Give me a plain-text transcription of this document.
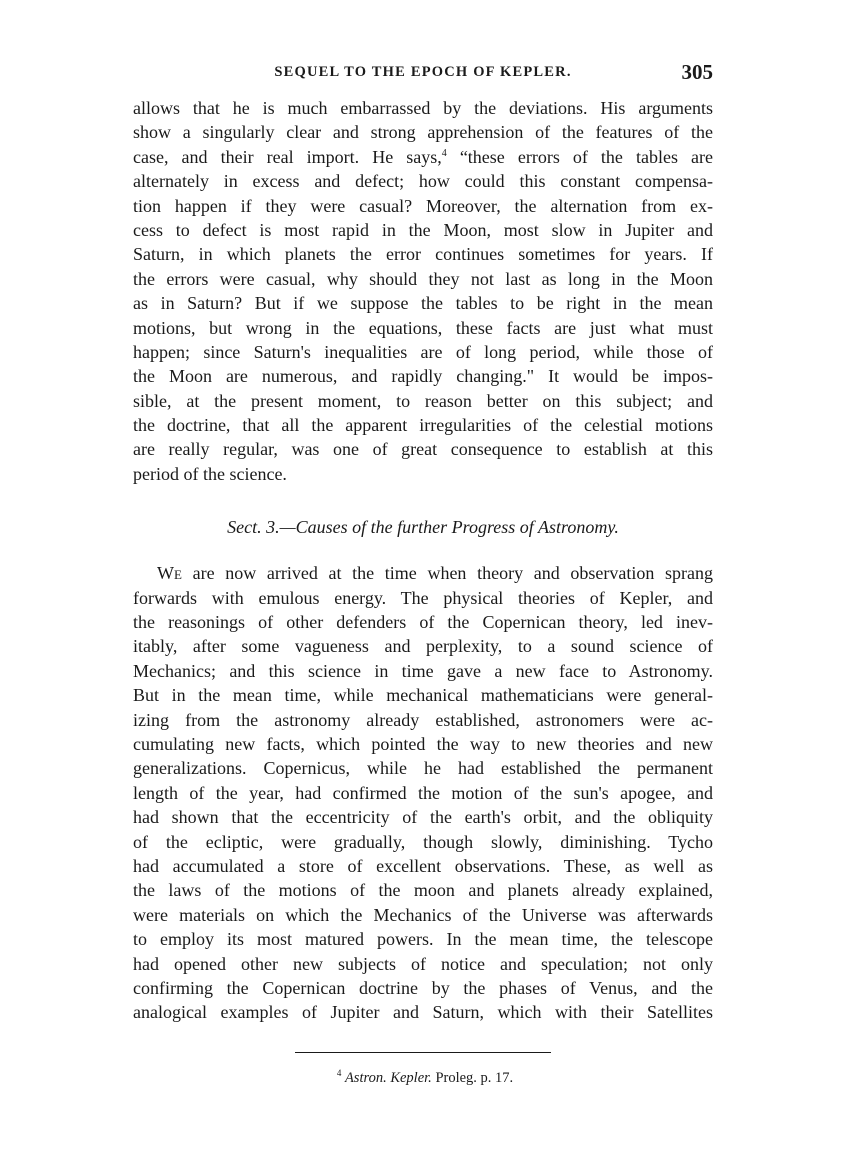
SEQUEL TO THE EPOCH OF KEPLER.	305
allows that he is much embarrassed by the deviations. His arguments
show a singularly clear and strong apprehension of the features of the
case, and their real import. He says,$^4$ “these errors of the tables are
alternately in excess and defect; how could this constant compensa-
tion happen if they were casual? Moreover, the alternation from ex-
cess to defect is most rapid in the Moon, most slow in Jupiter and
Saturn, in which planets the error continues sometimes for years. If
the errors were casual, why should they not last as long in the Moon
as in Saturn? But if we suppose the tables to be right in the mean
motions, but wrong in the equations, these facts are just what must
happen; since Saturn's inequalities are of long period, while those of
the Moon are numerous, and rapidly changing." It would be impos-
sible, at the present moment, to reason better on this subject; and
the doctrine, that all the apparent irregularities of the celestial motions
are really regular, was one of great consequence to establish at this
period of the science.
Sect. 3.—Causes of the further Progress of Astronomy.
We are now arrived at the time when theory and observation sprang
forwards with emulous energy. The physical theories of Kepler, and
the reasonings of other defenders of the Copernican theory, led inev-
itably, after some vagueness and perplexity, to a sound science of
Mechanics; and this science in time gave a new face to Astronomy.
But in the mean time, while mechanical mathematicians were general-
izing from the astronomy already established, astronomers were ac-
cumulating new facts, which pointed the way to new theories and new
generalizations. Copernicus, while he had established the permanent
length of the year, had confirmed the motion of the sun's apogee, and
had shown that the eccentricity of the earth's orbit, and the obliquity
of the ecliptic, were gradually, though slowly, diminishing. Tycho
had accumulated a store of excellent observations. These, as well as
the laws of the motions of the moon and planets already explained,
were materials on which the Mechanics of the Universe was afterwards
to employ its most matured powers. In the mean time, the telescope
had opened other new subjects of notice and speculation; not only
confirming the Copernican doctrine by the phases of Venus, and the
analogical examples of Jupiter and Saturn, which with their Satellites
$^4$ Astron. Kepler. Proleg. p. 17.
